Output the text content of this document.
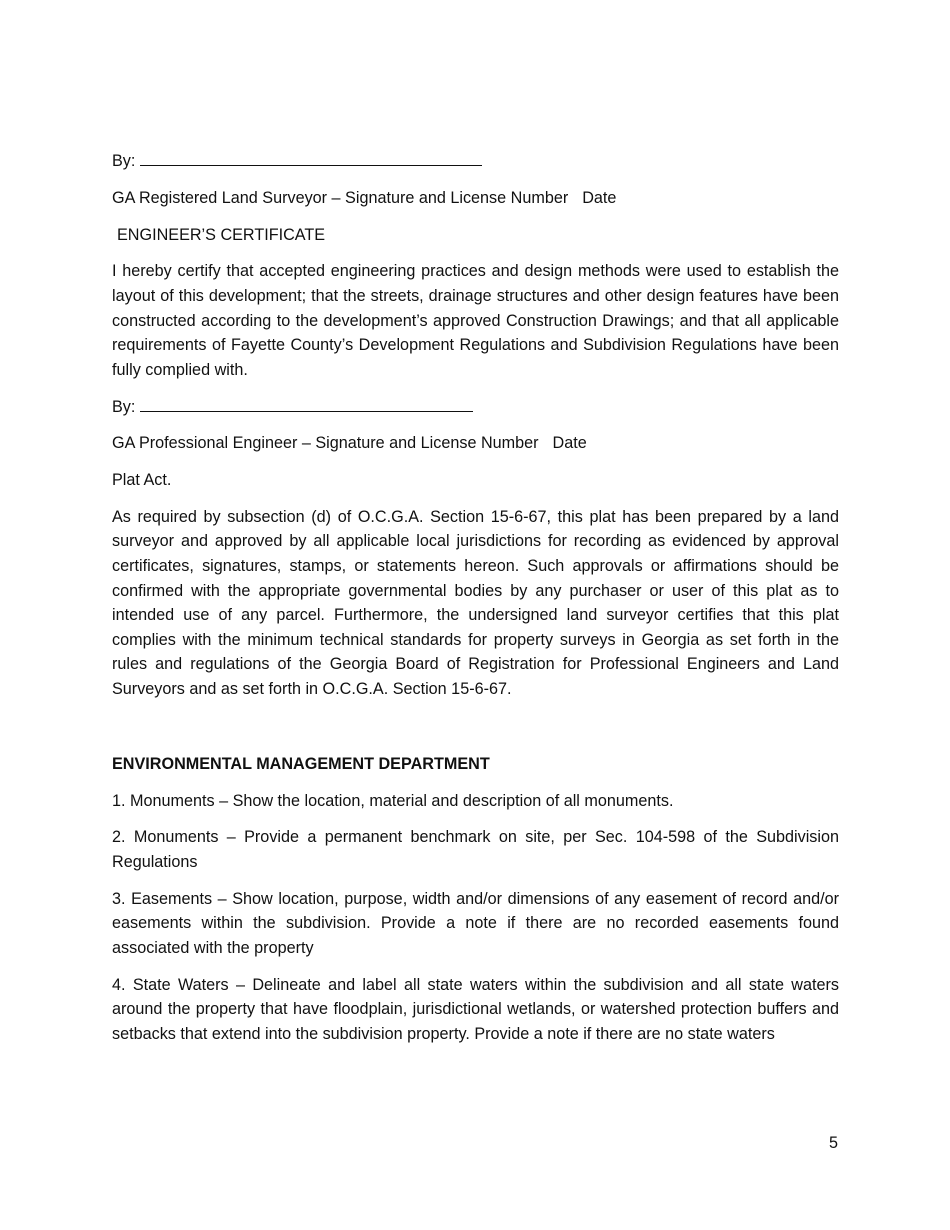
By:

GA Registered Land Surveyor – Signature and License Number Date

ENGINEER’S CERTIFICATE

I hereby certify that accepted engineering practices and design methods were used to establish the layout of this development; that the streets, drainage structures and other design features have been constructed according to the development’s approved Construction Drawings; and that all applicable requirements of Fayette County’s Development Regulations and Subdivision Regulations have been fully complied with.

By:

GA Professional Engineer – Signature and License Number Date

Plat Act.

As required by subsection (d) of O.C.G.A. Section 15-6-67, this plat has been prepared by a land surveyor and approved by all applicable local jurisdictions for recording as evidenced by approval certificates, signatures, stamps, or statements hereon. Such approvals or affirmations should be confirmed with the appropriate governmental bodies by any purchaser or user of this plat as to intended use of any parcel. Furthermore, the undersigned land surveyor certifies that this plat complies with the minimum technical standards for property surveys in Georgia as set forth in the rules and regulations of the Georgia Board of Registration for Professional Engineers and Land Surveyors and as set forth in O.C.G.A. Section 15-6-67.

ENVIRONMENTAL MANAGEMENT DEPARTMENT

1. Monuments – Show the location, material and description of all monuments.

2. Monuments – Provide a permanent benchmark on site, per Sec. 104-598 of the Subdivision Regulations

3. Easements – Show location, purpose, width and/or dimensions of any easement of record and/or easements within the subdivision. Provide a note if there are no recorded easements found associated with the property

4. State Waters – Delineate and label all state waters within the subdivision and all state waters around the property that have floodplain, jurisdictional wetlands, or watershed protection buffers and setbacks that extend into the subdivision property. Provide a note if there are no state waters

5
